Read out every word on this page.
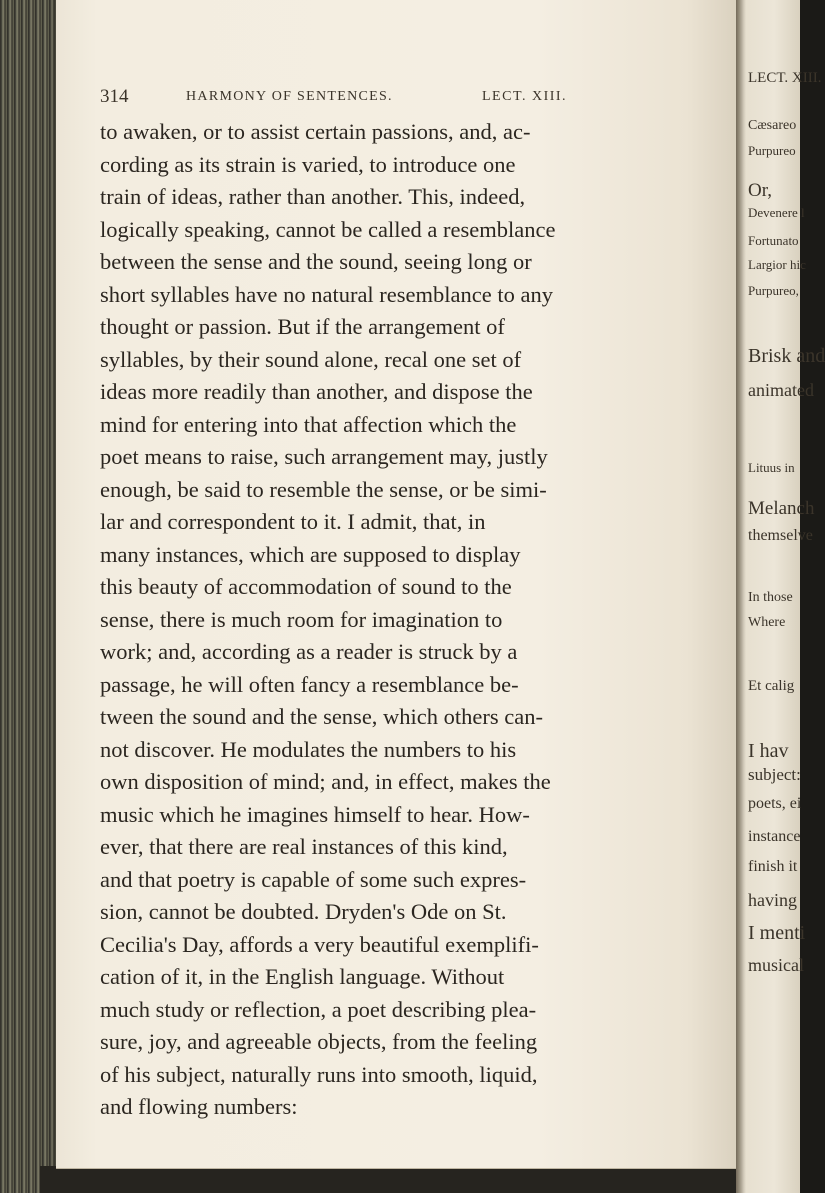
314	HARMONY OF SENTENCES.	LECT. XIII.
to awaken, or to assist certain passions, and, ac-
cording as its strain is varied, to introduce one
train of ideas, rather than another. This, indeed,
logically speaking, cannot be called a resemblance
between the sense and the sound, seeing long or
short syllables have no natural resemblance to any
thought or passion. But if the arrangement of
syllables, by their sound alone, recal one set of
ideas more readily than another, and dispose the
mind for entering into that affection which the
poet means to raise, such arrangement may, justly
enough, be said to resemble the sense, or be simi-
lar and correspondent to it. I admit, that, in
many instances, which are supposed to display
this beauty of accommodation of sound to the
sense, there is much room for imagination to
work; and, according as a reader is struck by a
passage, he will often fancy a resemblance be-
tween the sound and the sense, which others can-
not discover. He modulates the numbers to his
own disposition of mind; and, in effect, makes the
music which he imagines himself to hear. How-
ever, that there are real instances of this kind,
and that poetry is capable of some such expres-
sion, cannot be doubted. Dryden's Ode on St.
Cecilia's Day, affords a very beautiful exemplifi-
cation of it, in the English language. Without
much study or reflection, a poet describing plea-
sure, joy, and agreeable objects, from the feeling
of his subject, naturally runs into smooth, liquid,
and flowing numbers:
LECT. XIII.
Cæsareo
Purpureo
Or,
Devenere l
Fortunato
Largior hic
Purpureo,
Brisk and
animated
Lituus in
Melanch
themselve
In those
Where
Et calig
I hav
subject:
poets, ei
instance
finish it
having
I menti
musical
